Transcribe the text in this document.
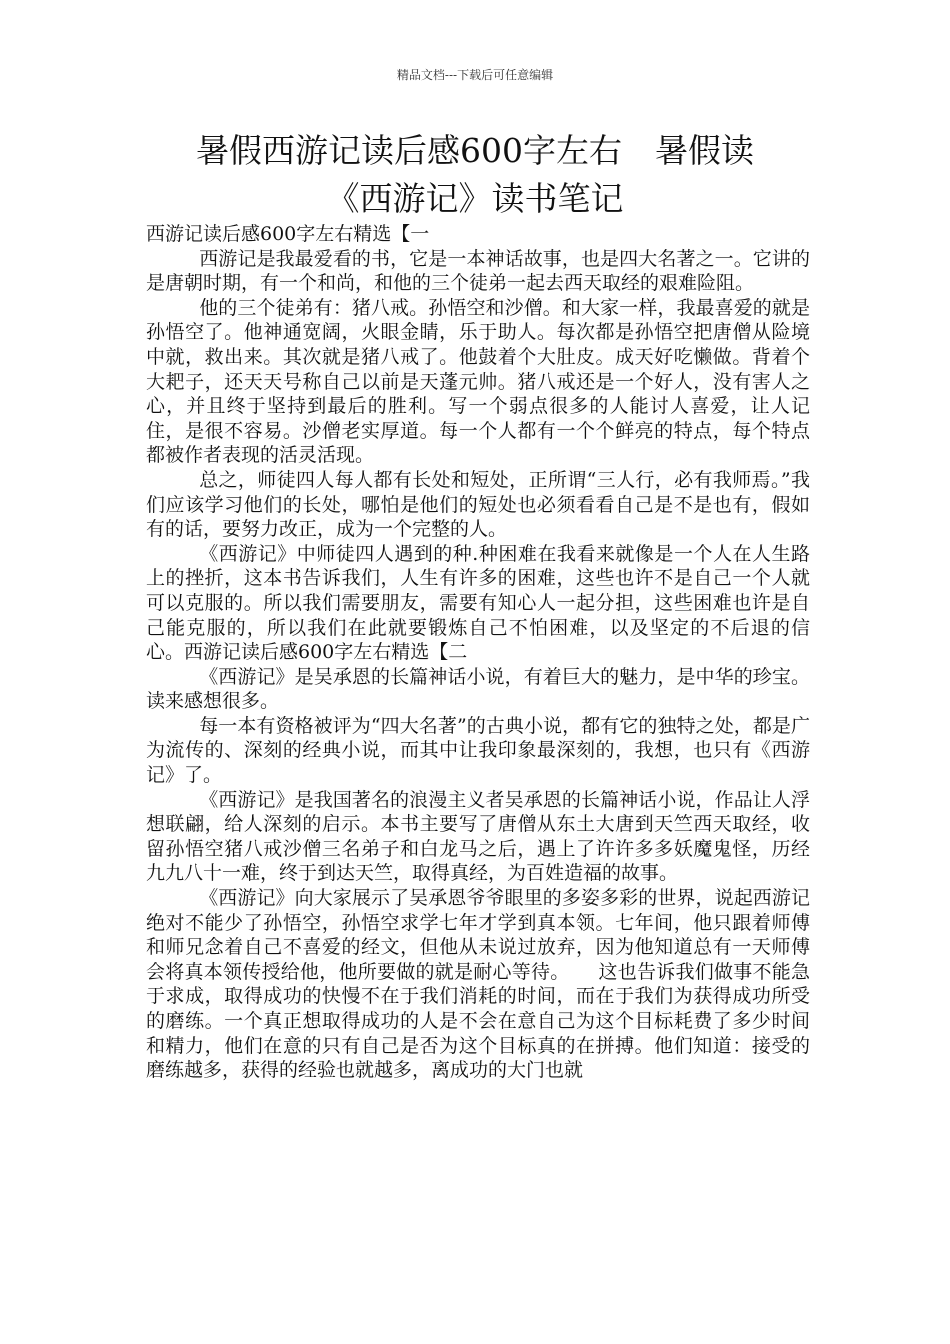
精品文档---下载后可任意编辑
暑假西游记读后感600字左右　暑假读
《西游记》读书笔记

西游记读后感600字左右精选【一

西游记是我最爱看的书，它是一本神话故事，也是四大名著之一。它讲的是唐朝时期，有一个和尚，和他的三个徒弟一起去西天取经的艰难险阻。

他的三个徒弟有：猪八戒。孙悟空和沙僧。和大家一样，我最喜爱的就是孙悟空了。他神通宽阔，火眼金睛，乐于助人。每次都是孙悟空把唐僧从险境中就，救出来。其次就是猪八戒了。他鼓着个大肚皮。成天好吃懒做。背着个大耙子，还天天号称自己以前是天蓬元帅。猪八戒还是一个好人，没有害人之心，并且终于坚持到最后的胜利。写一个弱点很多的人能讨人喜爱，让人记住，是很不容易。沙僧老实厚道。每一个人都有一个个鲜亮的特点，每个特点都被作者表现的活灵活现。

总之，师徒四人每人都有长处和短处，正所谓“三人行，必有我师焉。”我们应该学习他们的长处，哪怕是他们的短处也必须看看自己是不是也有，假如有的话，要努力改正，成为一个完整的人。

《西游记》中师徒四人遇到的种.种困难在我看来就像是一个人在人生路上的挫折，这本书告诉我们，人生有许多的困难，这些也许不是自己一个人就可以克服的。所以我们需要朋友，需要有知心人一起分担，这些困难也许是自己能克服的，所以我们在此就要锻炼自己不怕困难，以及坚定的不后退的信心。西游记读后感600字左右精选【二

《西游记》是吴承恩的长篇神话小说，有着巨大的魅力，是中华的珍宝。读来感想很多。

每一本有资格被评为“四大名著”的古典小说，都有它的独特之处，都是广为流传的、深刻的经典小说，而其中让我印象最深刻的，我想，也只有《西游记》了。

《西游记》是我国著名的浪漫主义者吴承恩的长篇神话小说，作品让人浮想联翩，给人深刻的启示。本书主要写了唐僧从东土大唐到天竺西天取经，收留孙悟空猪八戒沙僧三名弟子和白龙马之后，遇上了许许多多妖魔鬼怪，历经九九八十一难，终于到达天竺，取得真经，为百姓造福的故事。

《西游记》向大家展示了吴承恩爷爷眼里的多姿多彩的世界，说起西游记绝对不能少了孙悟空，孙悟空求学七年才学到真本领。七年间，他只跟着师傅和师兄念着自己不喜爱的经文，但他从未说过放弃，因为他知道总有一天师傅会将真本领传授给他，他所要做的就是耐心等待。　　这也告诉我们做事不能急于求成，取得成功的快慢不在于我们消耗的时间，而在于我们为获得成功所受的磨练。一个真正想取得成功的人是不会在意自己为这个目标耗费了多少时间和精力，他们在意的只有自己是否为这个目标真的在拼搏。他们知道：接受的磨练越多，获得的经验也就越多，离成功的大门也就
